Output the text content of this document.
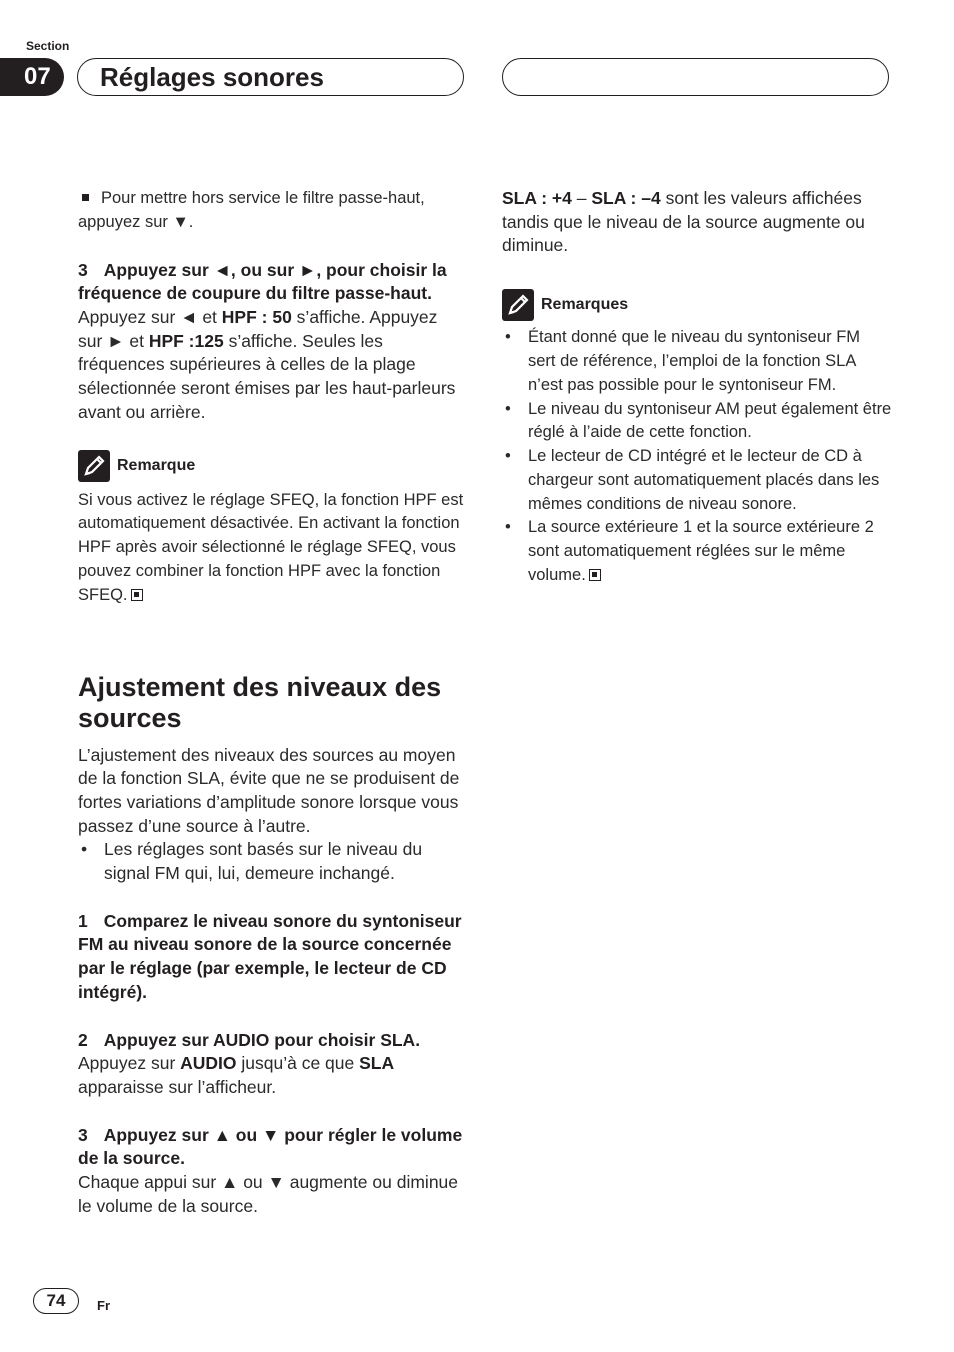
Section
07	Réglages sonores

Pour mettre hors service le filtre passe-haut, appuyez sur ▼.

3 Appuyez sur ◄, ou sur ►, pour choisir la fréquence de coupure du filtre passe-haut.

Appuyez sur ◄ et HPF : 50 s’affiche. Appuyez sur ► et HPF :125 s’affiche. Seules les fréquences supérieures à celles de la plage sélectionnée seront émises par les haut-parleurs avant ou arrière.

Remarque

Si vous activez le réglage SFEQ, la fonction HPF est automatiquement désactivée. En activant la fonction HPF après avoir sélectionné le réglage SFEQ, vous pouvez combiner la fonction HPF avec la fonction SFEQ.

Ajustement des niveaux des sources

L’ajustement des niveaux des sources au moyen de la fonction SLA, évite que ne se produisent de fortes variations d’amplitude sonore lorsque vous passez d’une source à l’autre.

• Les réglages sont basés sur le niveau du signal FM qui, lui, demeure inchangé.

1 Comparez le niveau sonore du syntoniseur FM au niveau sonore de la source concernée par le réglage (par exemple, le lecteur de CD intégré).

2 Appuyez sur AUDIO pour choisir SLA.

Appuyez sur AUDIO jusqu’à ce que SLA apparaisse sur l’afficheur.

3 Appuyez sur ▲ ou ▼ pour régler le volume de la source.

Chaque appui sur ▲ ou ▼ augmente ou diminue le volume de la source.

SLA : +4 – SLA : –4 sont les valeurs affichées tandis que le niveau de la source augmente ou diminue.

Remarques
• Étant donné que le niveau du syntoniseur FM sert de référence, l’emploi de la fonction SLA n’est pas possible pour le syntoniseur FM.
• Le niveau du syntoniseur AM peut également être réglé à l’aide de cette fonction.
• Le lecteur de CD intégré et le lecteur de CD à chargeur sont automatiquement placés dans les mêmes conditions de niveau sonore.
• La source extérieure 1 et la source extérieure 2 sont automatiquement réglées sur le même volume.
74	Fr
